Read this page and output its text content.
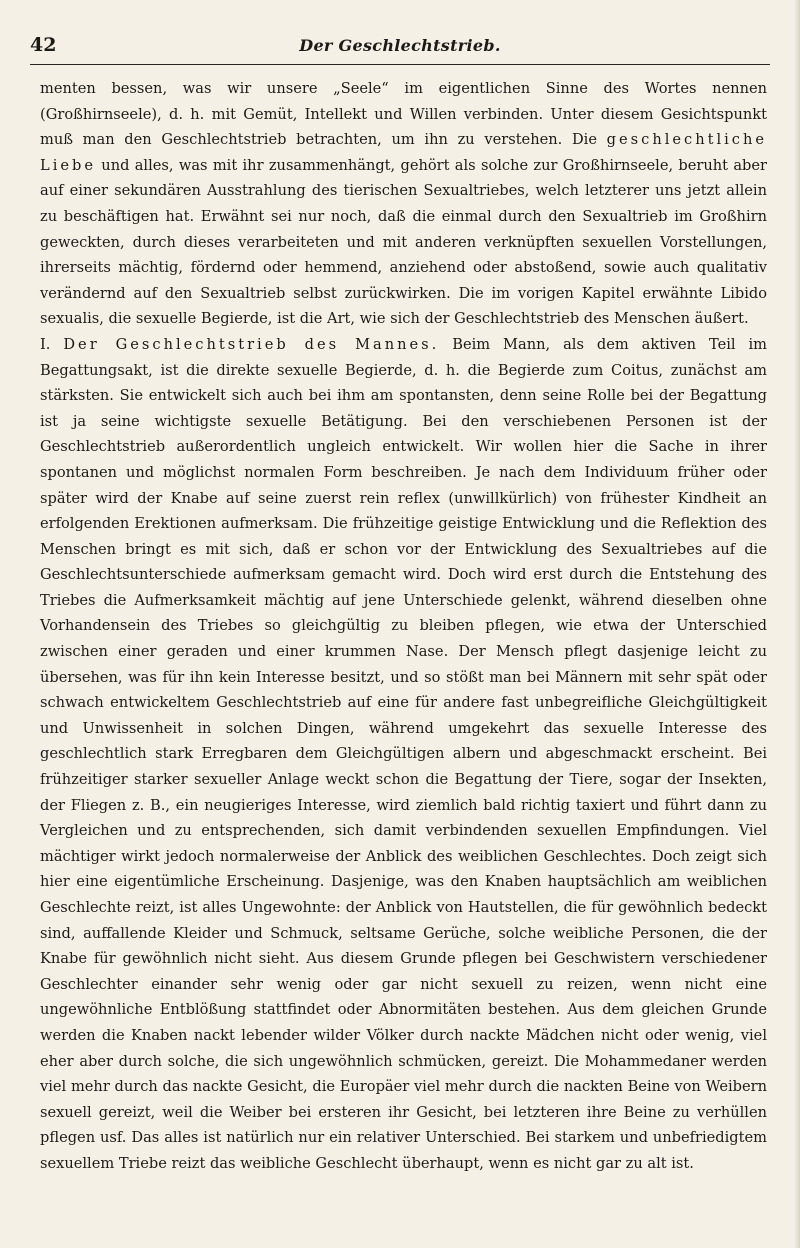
42	Der Geschlechtstrieb.

menten bessen, was wir unsere „Seele“ im eigentlichen Sinne des Wortes nennen (Großhirnseele), d. h. mit Gemüt, Intellekt und Willen verbinden. Unter diesem Gesichtspunkt muß man den Geschlechtstrieb betrachten, um ihn zu verstehen. Die geschlechtliche Liebe und alles, was mit ihr zusammenhängt, gehört als solche zur Großhirnseele, beruht aber auf einer sekundären Ausstrahlung des tierischen Sexualtriebes, welch letzterer uns jetzt allein zu beschäftigen hat. Erwähnt sei nur noch, daß die einmal durch den Sexualtrieb im Großhirn geweckten, durch dieses verarbeiteten und mit anderen verknüpften sexuellen Vorstellungen, ihrerseits mächtig, fördernd oder hemmend, anziehend oder abstoßend, sowie auch qualitativ verändernd auf den Sexualtrieb selbst zurückwirken. Die im vorigen Kapitel erwähnte Libido sexualis, die sexuelle Begierde, ist die Art, wie sich der Geschlechtstrieb des Menschen äußert.

I. Der Geschlechtstrieb des Mannes. Beim Mann, als dem aktiven Teil im Begattungsakt, ist die direkte sexuelle Begierde, d. h. die Begierde zum Coitus, zunächst am stärksten. Sie entwickelt sich auch bei ihm am spontansten, denn seine Rolle bei der Begattung ist ja seine wichtigste sexuelle Betätigung. Bei den verschiebenen Personen ist der Geschlechtstrieb außerordentlich ungleich entwickelt. Wir wollen hier die Sache in ihrer spontanen und möglichst normalen Form beschreiben. Je nach dem Individuum früher oder später wird der Knabe auf seine zuerst rein reflex (unwillkürlich) von frühester Kindheit an erfolgenden Erektionen aufmerksam. Die frühzeitige geistige Entwicklung und die Reflektion des Menschen bringt es mit sich, daß er schon vor der Entwicklung des Sexualtriebes auf die Geschlechtsunterschiede aufmerksam gemacht wird. Doch wird erst durch die Entstehung des Triebes die Aufmerksamkeit mächtig auf jene Unterschiede gelenkt, während dieselben ohne Vorhandensein des Triebes so gleichgültig zu bleiben pflegen, wie etwa der Unterschied zwischen einer geraden und einer krummen Nase. Der Mensch pflegt dasjenige leicht zu übersehen, was für ihn kein Interesse besitzt, und so stößt man bei Männern mit sehr spät oder schwach entwickeltem Geschlechtstrieb auf eine für andere fast unbegreifliche Gleichgültigkeit und Unwissenheit in solchen Dingen, während umgekehrt das sexuelle Interesse des geschlechtlich stark Erregbaren dem Gleichgültigen albern und abgeschmackt erscheint. Bei frühzeitiger starker sexueller Anlage weckt schon die Begattung der Tiere, sogar der Insekten, der Fliegen z. B., ein neugieriges Interesse, wird ziemlich bald richtig taxiert und führt dann zu Vergleichen und zu entsprechenden, sich damit verbindenden sexuellen Empfindungen. Viel mächtiger wirkt jedoch normalerweise der Anblick des weiblichen Geschlechtes. Doch zeigt sich hier eine eigentümliche Erscheinung. Dasjenige, was den Knaben hauptsächlich am weiblichen Geschlechte reizt, ist alles Ungewohnte: der Anblick von Hautstellen, die für gewöhnlich bedeckt sind, auffallende Kleider und Schmuck, seltsame Gerüche, solche weibliche Personen, die der Knabe für gewöhnlich nicht sieht. Aus diesem Grunde pflegen bei Geschwistern verschiedener Geschlechter einander sehr wenig oder gar nicht sexuell zu reizen, wenn nicht eine ungewöhnliche Entblößung stattfindet oder Abnormitäten bestehen. Aus dem gleichen Grunde werden die Knaben nackt lebender wilder Völker durch nackte Mädchen nicht oder wenig, viel eher aber durch solche, die sich ungewöhnlich schmücken, gereizt. Die Mohammedaner werden viel mehr durch das nackte Gesicht, die Europäer viel mehr durch die nackten Beine von Weibern sexuell gereizt, weil die Weiber bei ersteren ihr Gesicht, bei letzteren ihre Beine zu verhüllen pflegen usf. Das alles ist natürlich nur ein relativer Unterschied. Bei starkem und unbefriedigtem sexuellem Triebe reizt das weibliche Geschlecht überhaupt, wenn es nicht gar zu alt ist.
